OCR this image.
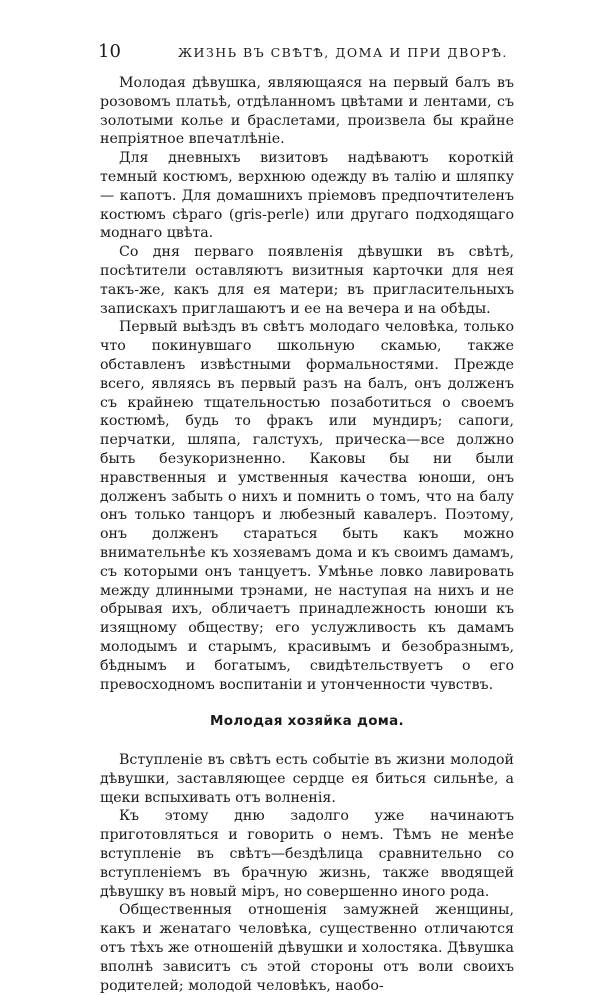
10	ЖИЗНЬ ВЪ СВѢТѢ, ДОМА И ПРИ ДВОРѢ.

Молодая дѣвушка, являющаяся на первый балъ въ розовомъ платьѣ, отдѣланномъ цвѣтами и лентами, съ золотыми колье и браслетами, произвела бы крайне непріятное впечатлѣніе.

Для дневныхъ визитовъ надѣваютъ короткій темный костюмъ, верхнюю одежду въ талію и шляпку — капотъ. Для домашнихъ пріемовъ предпочтителенъ костюмъ сѣраго (gris-perle) или другаго подходящаго моднаго цвѣта.

Со дня перваго появленія дѣвушки въ свѣтѣ, посѣтители оставляютъ визитныя карточки для нея такъ-же, какъ для ея матери; въ пригласительныхъ запискахъ приглашаютъ и ее на вечера и на обѣды.

Первый выѣздъ въ свѣтъ молодаго человѣка, только что покинувшаго школьную скамью, также обставленъ извѣстными формальностями. Прежде всего, являясь въ первый разъ на балъ, онъ долженъ съ крайнею тщательностью позаботиться о своемъ костюмѣ, будь то фракъ или мундиръ; сапоги, перчатки, шляпа, галстухъ, прическа—все должно быть безукоризненно. Каковы бы ни были нравственныя и умственныя качества юноши, онъ долженъ забыть о нихъ и помнить о томъ, что на балу онъ только танцоръ и любезный кавалеръ. Поэтому, онъ долженъ стараться быть какъ можно внимательнѣе къ хозяевамъ дома и къ своимъ дамамъ, съ которыми онъ танцуетъ. Умѣнье ловко лавировать между длинными трэнами, не наступая на нихъ и не обрывая ихъ, обличаетъ принадлежность юноши къ изящному обществу; его услужливость къ дамамъ молодымъ и старымъ, красивымъ и безобразнымъ, бѣднымъ и богатымъ, свидѣтельствуетъ о его превосходномъ воспитаніи и утонченности чувствъ.

Молодая хозяйка дома.

Вступленіе въ свѣтъ есть событіе въ жизни молодой дѣвушки, заставляющее сердце ея биться сильнѣе, а щеки вспыхивать отъ волненія.

Къ этому дню задолго уже начинаютъ приготовляться и говорить о немъ. Тѣмъ не менѣе вступленіе въ свѣтъ—бездѣлица сравнительно со вступленіемъ въ брачную жизнь, также вводящей дѣвушку въ новый міръ, но совершенно иного рода.

Общественныя отношенія замужней женщины, какъ и женатаго человѣка, существенно отличаются отъ тѣхъ же отношеній дѣвушки и холостяка. Дѣвушка вполнѣ зависитъ съ этой стороны отъ воли своихъ родителей; молодой человѣкъ, наобо-
